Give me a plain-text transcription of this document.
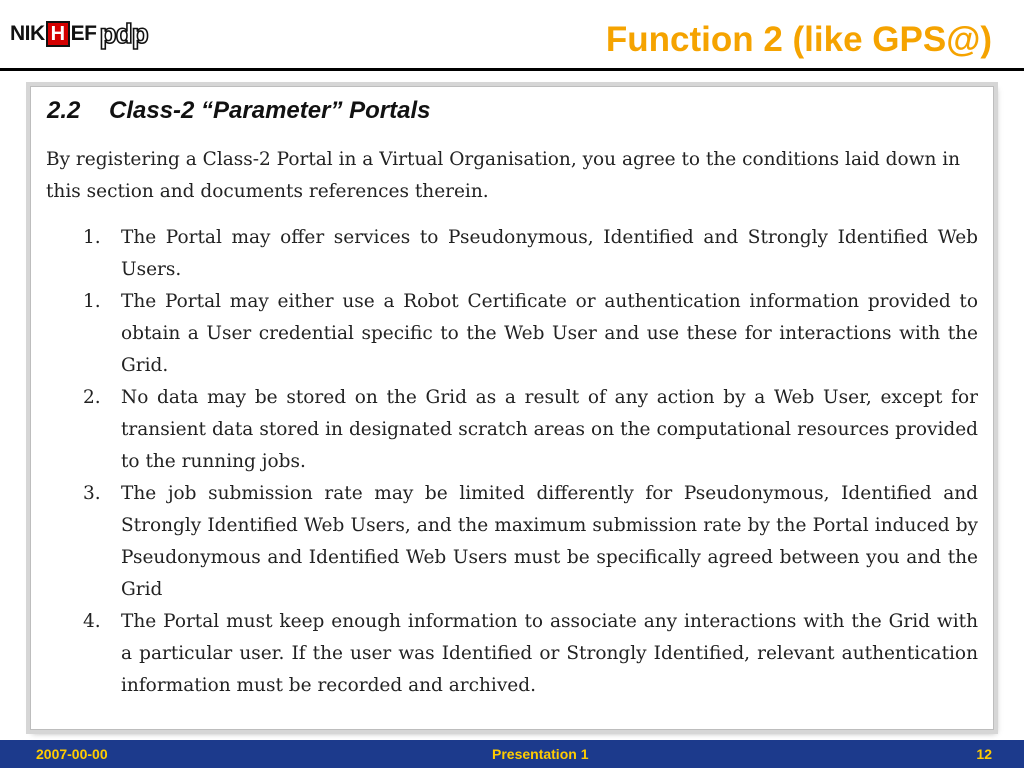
NI K H EF pdp	Function 2 (like GPS@)
2.2 Class-2 “Parameter” Portals
By registering a Class-2 Portal in a Virtual Organisation, you agree to the conditions laid down in this section and documents references therein.
1. The Portal may offer services to Pseudonymous, Identified and Strongly Identified Web Users.
1. The Portal may either use a Robot Certificate or authentication information provided to obtain a User credential specific to the Web User and use these for interactions with the Grid.
2. No data may be stored on the Grid as a result of any action by a Web User, except for transient data stored in designated scratch areas on the computational resources provided to the running jobs.
3. The job submission rate may be limited differently for Pseudonymous, Identified and Strongly Identified Web Users, and the maximum submission rate by the Portal induced by Pseudonymous and Identified Web Users must be specifically agreed between you and the Grid
4. The Portal must keep enough information to associate any interactions with the Grid with a particular user. If the user was Identified or Strongly Identified, relevant authentication information must be recorded and archived.
2007-00-00	Presentation 1	12
